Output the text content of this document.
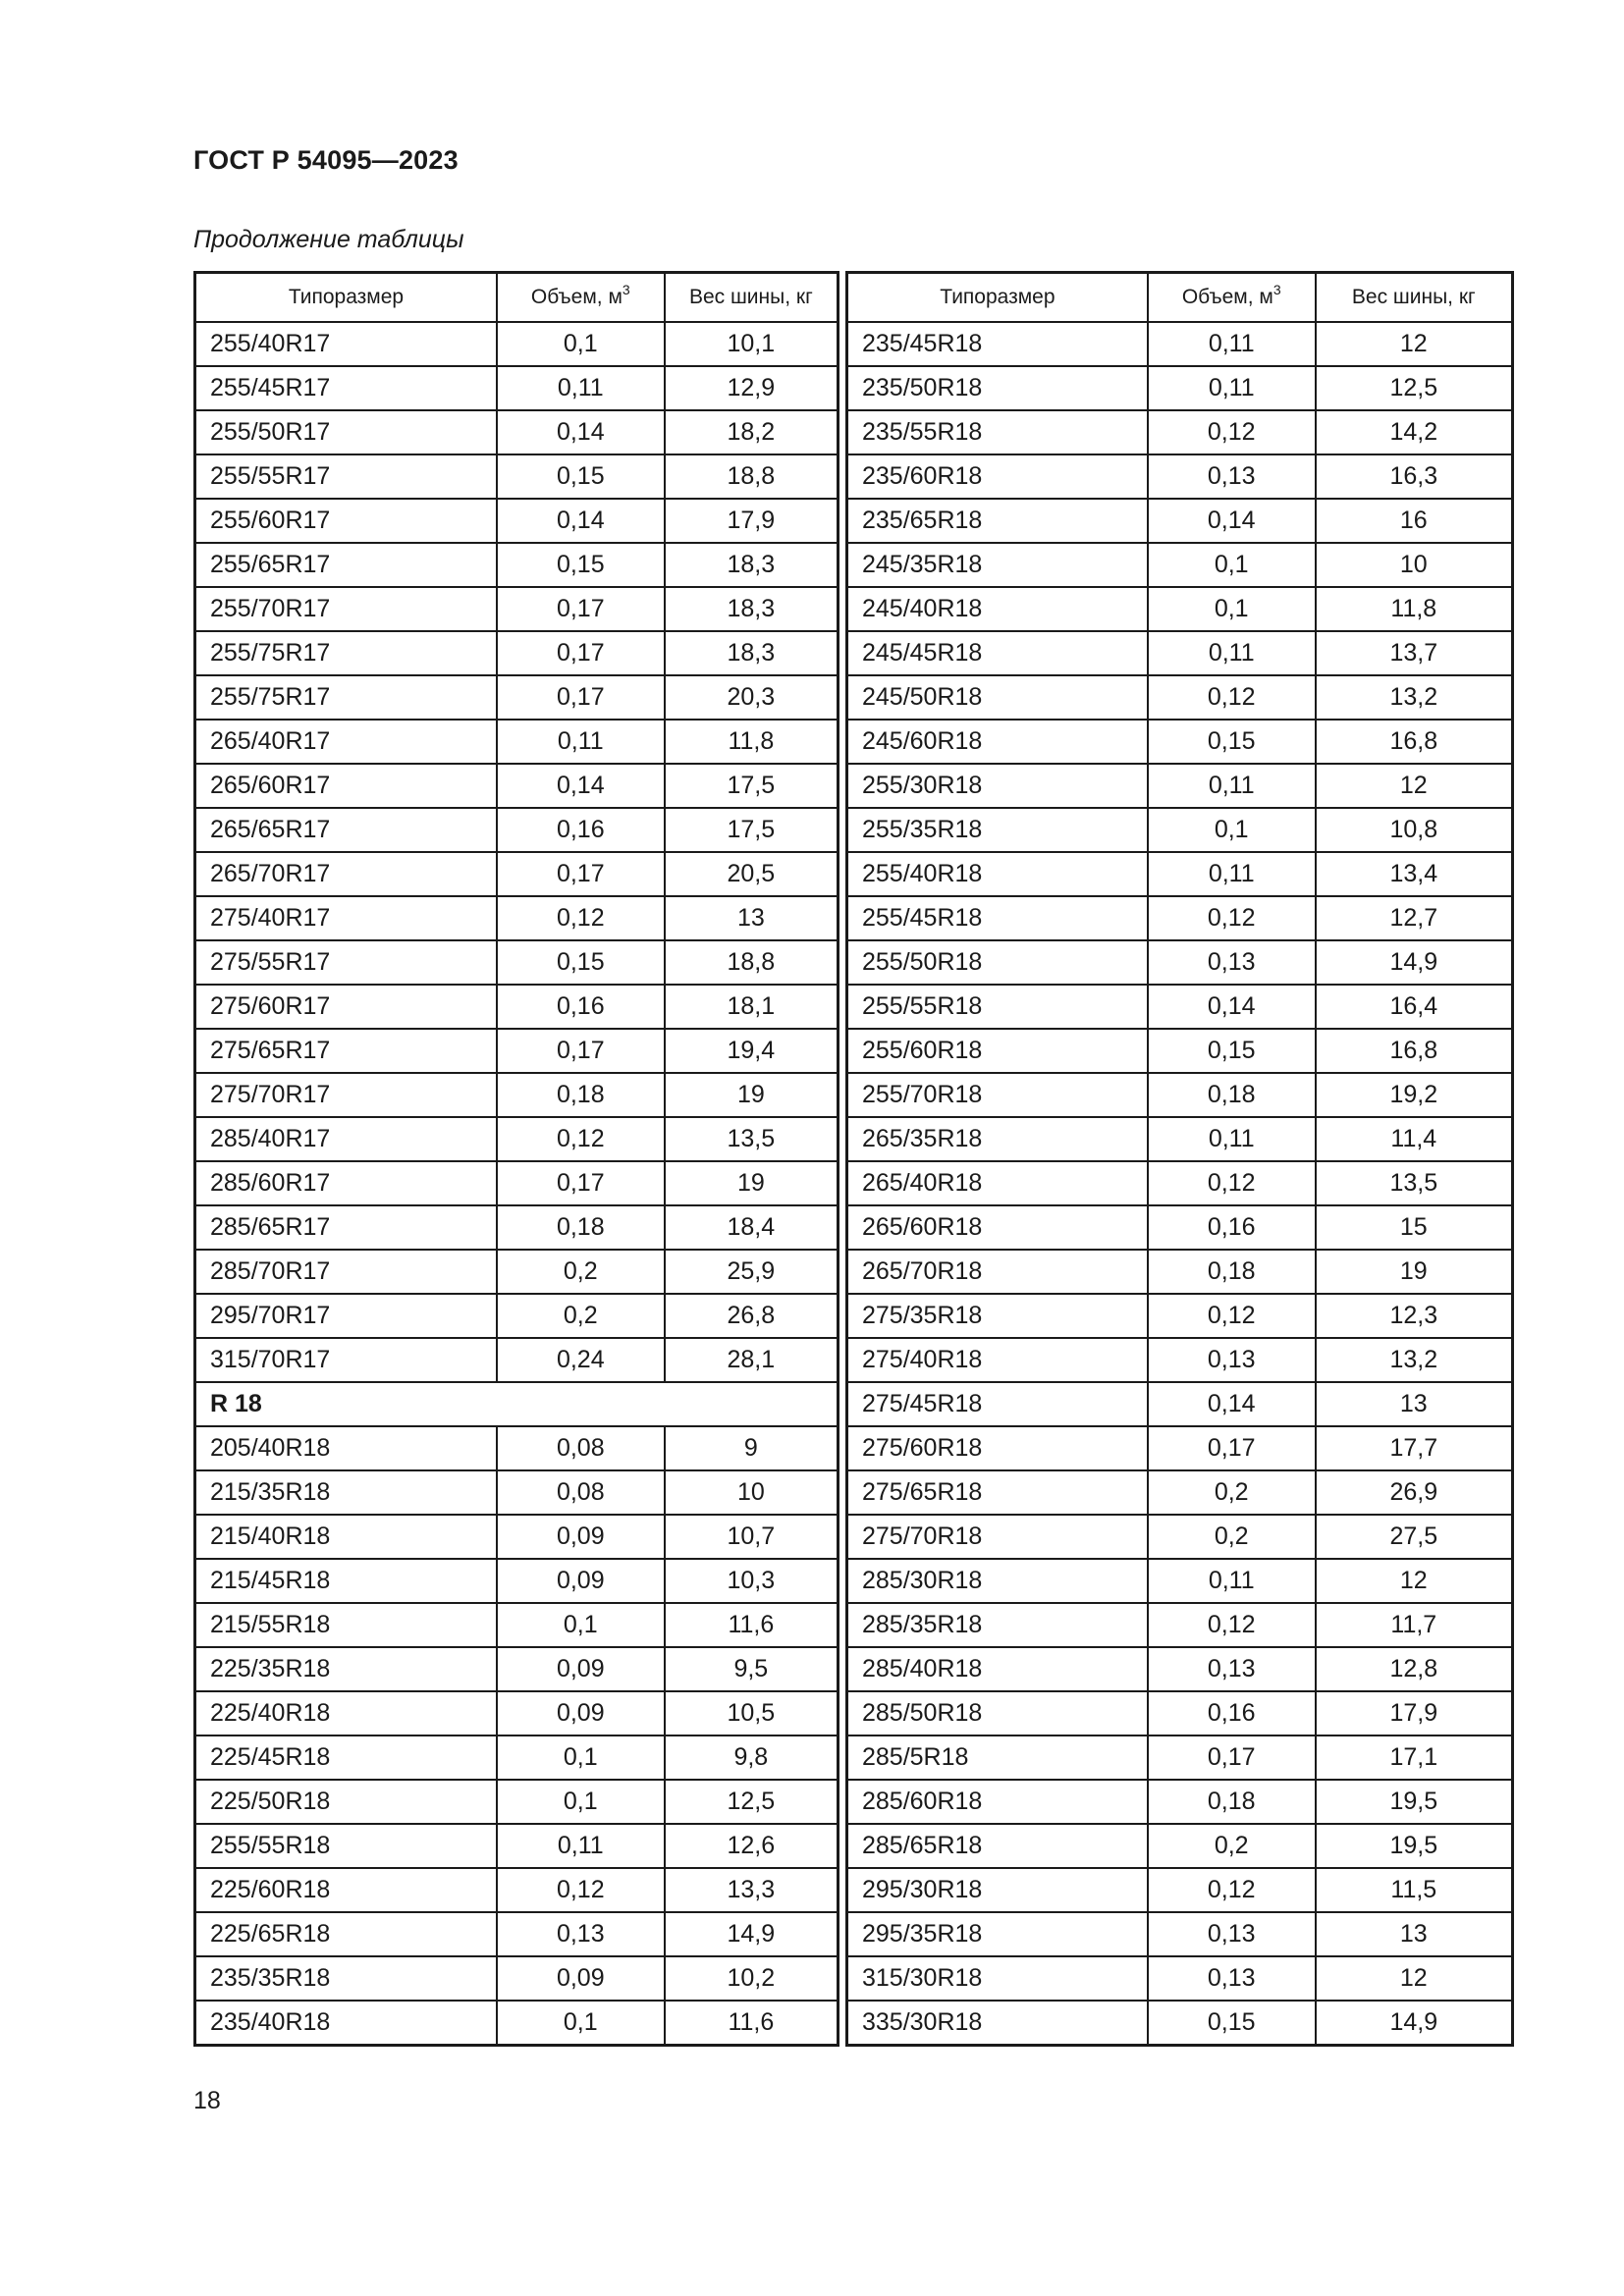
ГОСТ Р 54095—2023
Продолжение таблицы
Типоразмер	Объем, $м^3$	Вес шины, кг
255/40R17	0,1	10,1
255/45R17	0,11	12,9
255/50R17	0,14	18,2
255/55R17	0,15	18,8
255/60R17	0,14	17,9
255/65R17	0,15	18,3
255/70R17	0,17	18,3
255/75R17	0,17	18,3
255/75R17	0,17	20,3
265/40R17	0,11	11,8
265/60R17	0,14	17,5
265/65R17	0,16	17,5
265/70R17	0,17	20,5
275/40R17	0,12	13
275/55R17	0,15	18,8
275/60R17	0,16	18,1
275/65R17	0,17	19,4
275/70R17	0,18	19
285/40R17	0,12	13,5
285/60R17	0,17	19
285/65R17	0,18	18,4
285/70R17	0,2	25,9
295/70R17	0,2	26,8
315/70R17	0,24	28,1
R 18		
205/40R18	0,08	9
215/35R18	0,08	10
215/40R18	0,09	10,7
215/45R18	0,09	10,3
215/55R18	0,1	11,6
225/35R18	0,09	9,5
225/40R18	0,09	10,5
225/45R18	0,1	9,8
225/50R18	0,1	12,5
255/55R18	0,11	12,6
225/60R18	0,12	13,3
225/65R18	0,13	14,9
235/35R18	0,09	10,2
235/40R18	0,1	11,6
Типоразмер	Объем, $м^3$	Вес шины, кг
235/45R18	0,11	12
235/50R18	0,11	12,5
235/55R18	0,12	14,2
235/60R18	0,13	16,3
235/65R18	0,14	16
245/35R18	0,1	10
245/40R18	0,1	11,8
245/45R18	0,11	13,7
245/50R18	0,12	13,2
245/60R18	0,15	16,8
255/30R18	0,11	12
255/35R18	0,1	10,8
255/40R18	0,11	13,4
255/45R18	0,12	12,7
255/50R18	0,13	14,9
255/55R18	0,14	16,4
255/60R18	0,15	16,8
255/70R18	0,18	19,2
265/35R18	0,11	11,4
265/40R18	0,12	13,5
265/60R18	0,16	15
265/70R18	0,18	19
275/35R18	0,12	12,3
275/40R18	0,13	13,2
275/45R18	0,14	13
275/60R18	0,17	17,7
275/65R18	0,2	26,9
275/70R18	0,2	27,5
285/30R18	0,11	12
285/35R18	0,12	11,7
285/40R18	0,13	12,8
285/50R18	0,16	17,9
285/5R18	0,17	17,1
285/60R18	0,18	19,5
285/65R18	0,2	19,5
295/30R18	0,12	11,5
295/35R18	0,13	13
315/30R18	0,13	12
335/30R18	0,15	14,9
18
